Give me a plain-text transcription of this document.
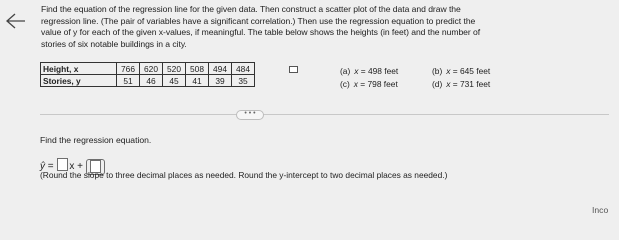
Find the equation of the regression line for the given data. Then construct a scatter plot of the data and draw the
regression line. (The pair of variables have a significant correlation.) Then use the regression equation to predict the
value of y for each of the given x-values, if meaningful. The table below shows the heights (in feet) and the number of
stories of six notable buildings in a city.
Height, x	766	620	520	508	494	484
Stories, y	51	46	45	41	39	35
(a) x = 498 feet	(b) x = 645 feet
(c) x = 798 feet	(d) x = 731 feet
• • •
Find the regression equation.
ŷ = x +
(Round the slope to three decimal places as needed. Round the y-intercept to two decimal places as needed.)
Inco
